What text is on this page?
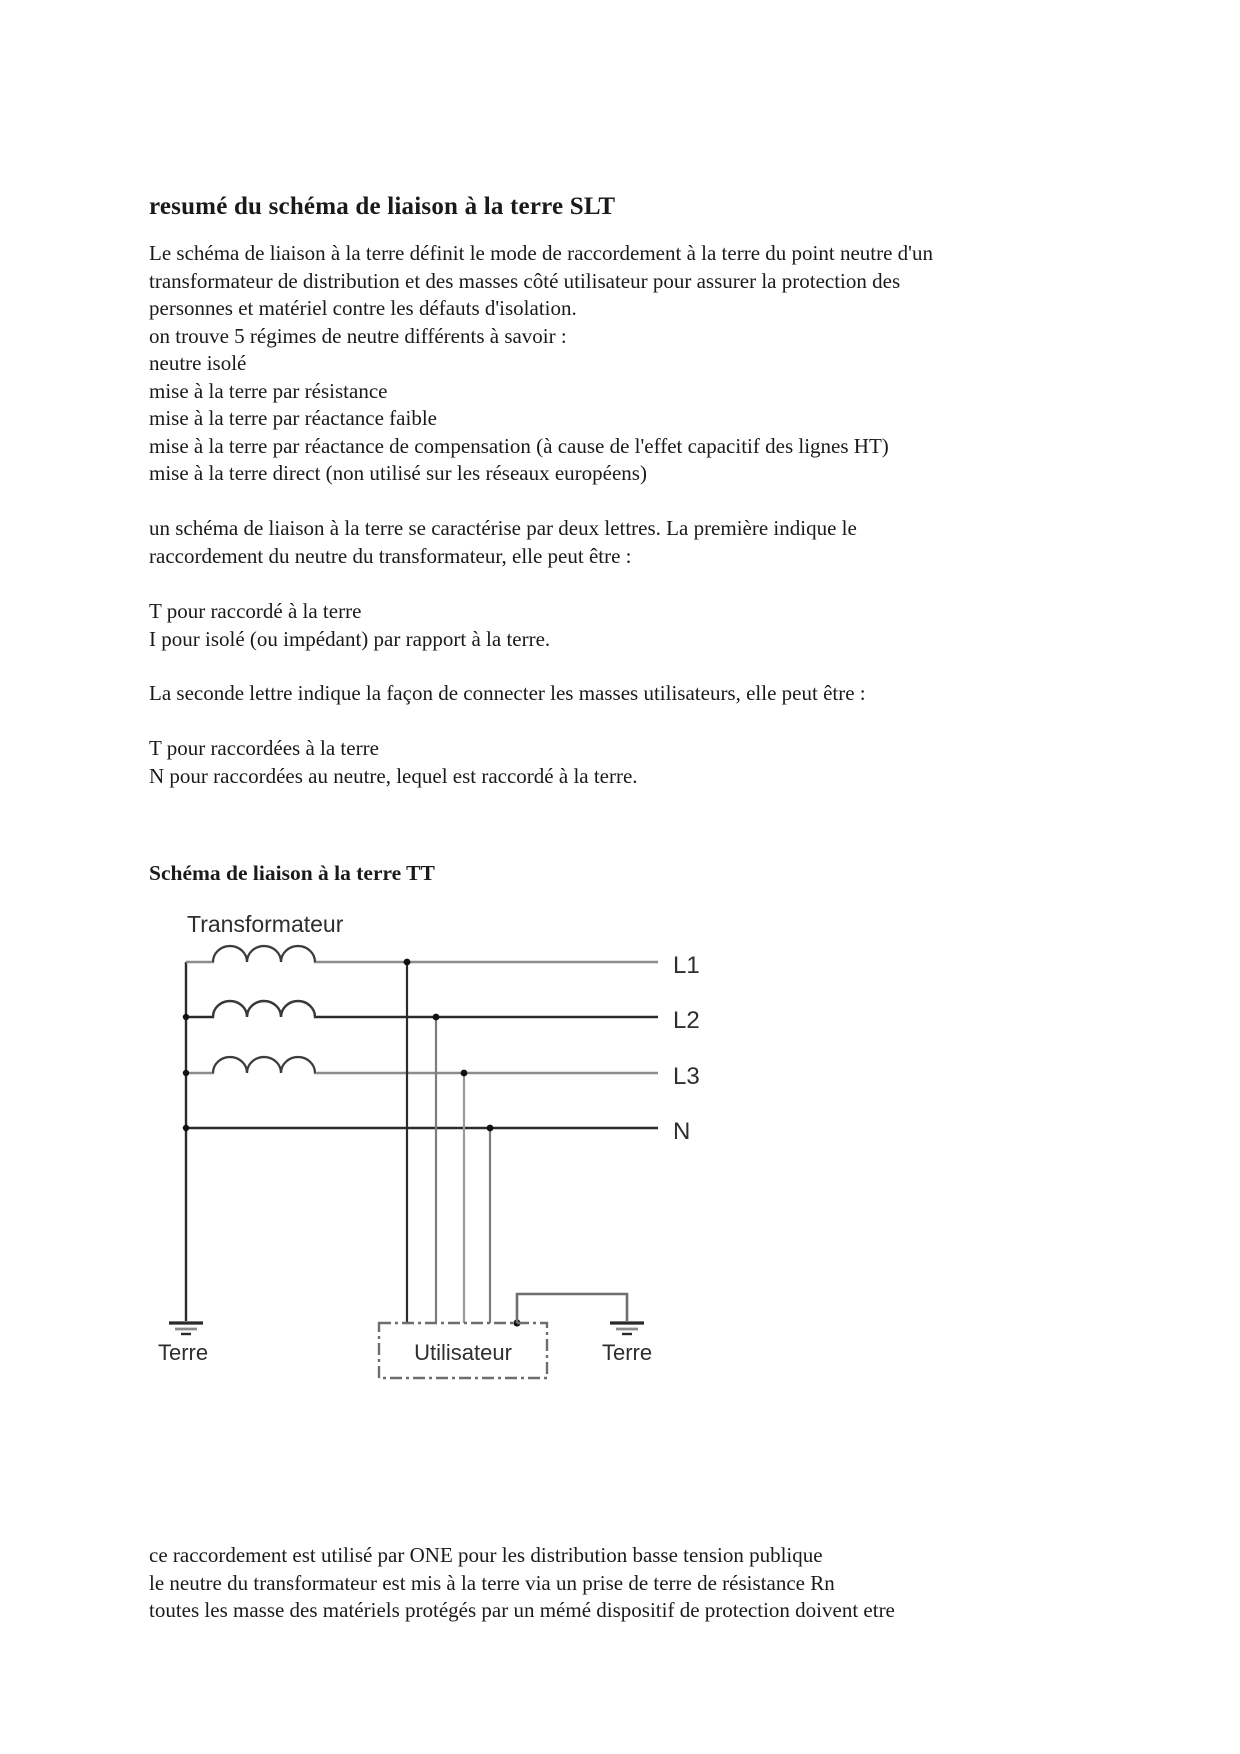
resumé du schéma de liaison à la terre SLT
Le schéma de liaison à la terre définit le mode de raccordement à la terre du point neutre d'un
transformateur de distribution et des masses côté utilisateur pour assurer la protection des
personnes et matériel contre les défauts d'isolation.
on trouve 5 régimes de neutre différents à savoir :
neutre isolé
mise à la terre par résistance
mise à la terre par réactance faible
mise à la terre par réactance de compensation (à cause de l'effet capacitif des lignes HT)
mise à la terre direct (non utilisé sur les réseaux européens)
un schéma de liaison à la terre se caractérise par deux lettres. La première indique le
raccordement du neutre du transformateur, elle peut être :
T pour raccordé à la terre
I pour isolé (ou impédant) par rapport à la terre.
La seconde lettre indique la façon de connecter les masses utilisateurs, elle peut être :
T pour raccordées à la terre
N pour raccordées au neutre, lequel est raccordé à la terre.
Schéma de liaison à la terre TT
Transformateur
L1
L2
L3
N
Terre	Utilisateur	Terre
ce raccordement est utilisé par ONE pour les distribution basse tension publique
le neutre du transformateur est mis à la terre via un prise de terre de résistance Rn
toutes les masse des matériels protégés par un mémé dispositif de protection doivent etre
